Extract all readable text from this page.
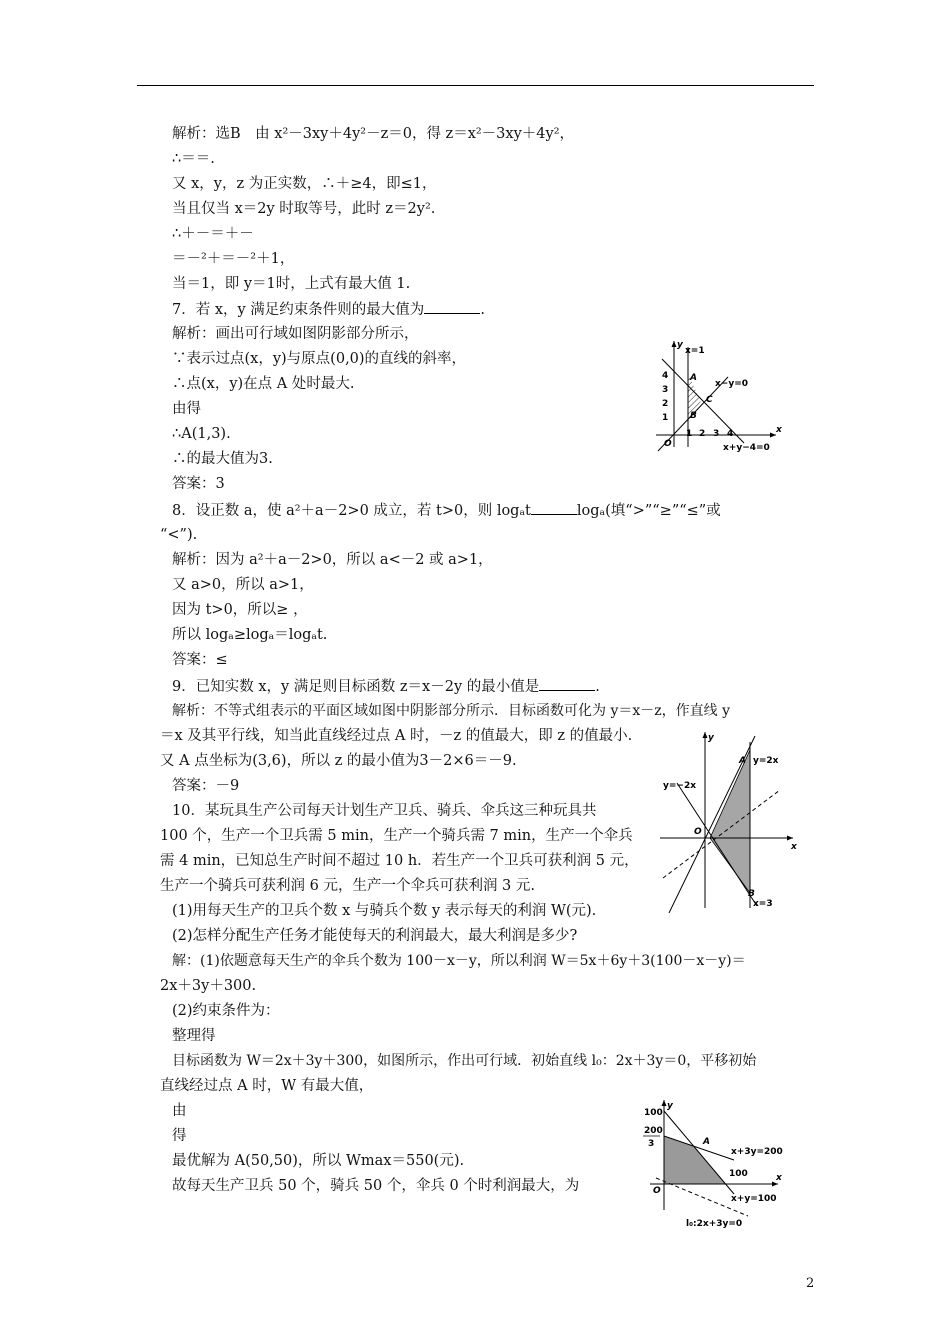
解析：选B　由 x²－3xy＋4y²－z＝0，得 z＝x²－3xy＋4y²，
∴＝＝.
又 x，y，z 为正实数，∴＋≥4，即≤1，
当且仅当 x＝2y 时取等号，此时 z＝2y².
∴＋－＝＋－
＝－²＋＝－²＋1，
当＝1，即 y＝1时，上式有最大值 1.
7．若 x，y 满足约束条件则的最大值为	.
解析：画出可行域如图阴影部分所示，
∵表示过点(x，y)与原点(0,0)的直线的斜率，
∴点(x，y)在点 A 处时最大.
由得
∴A(1,3).
∴的最大值为3.
答案：3
8．设正数 a，使 a²＋a－2>0 成立，若 t>0，则 logₐt	logₐ(填“>”“≥”“≤”或
“<”).
解析：因为 a²＋a－2>0，所以 a<－2 或 a>1，
又 a>0，所以 a>1，
因为 t>0，所以≥ ，
所以 logₐ≥logₐ＝logₐt.
答案：≤
9．已知实数 x，y 满足则目标函数 z＝x－2y 的最小值是	.
解析：不等式组表示的平面区域如图中阴影部分所示．目标函数可化为 y＝x－z，作直线 y
＝x 及其平行线，知当此直线经过点 A 时，－z 的值最大，即 z 的值最小.
又 A 点坐标为(3,6)，所以 z 的最小值为3－2×6＝－9.
答案：－9
10．某玩具生产公司每天计划生产卫兵、骑兵、伞兵这三种玩具共
100 个，生产一个卫兵需 5 min，生产一个骑兵需 7 min，生产一个伞兵
需 4 min，已知总生产时间不超过 10 h．若生产一个卫兵可获利润 5 元，
生产一个骑兵可获利润 6 元，生产一个伞兵可获利润 3 元.
(1)用每天生产的卫兵个数 x 与骑兵个数 y 表示每天的利润 W(元).
(2)怎样分配生产任务才能使每天的利润最大，最大利润是多少?
解：(1)依题意每天生产的伞兵个数为 100－x－y，所以利润 W＝5x＋6y＋3(100－x－y)＝
2x＋3y＋300.
(2)约束条件为：
整理得
目标函数为 W＝2x＋3y＋300，如图所示，作出可行域．初始直线 l₀：2x＋3y＝0，平移初始
直线经过点 A 时，W 有最大值，
由
得
最优解为 A(50,50)，所以 Wmax＝550(元).
故每天生产卫兵 50 个，骑兵 50 个，伞兵 0 个时利润最大，为
x
y
O
x=1
x−y=0
x+y−4=0
A
B
C
1 2 3 4
1
2
3
4
x
y
O
y=2x
y=−2x
x=3
A
B
x
y
O
100
200
3
100
x+3y=200
x+y=100
A
l₀:2x+3y=0
2
